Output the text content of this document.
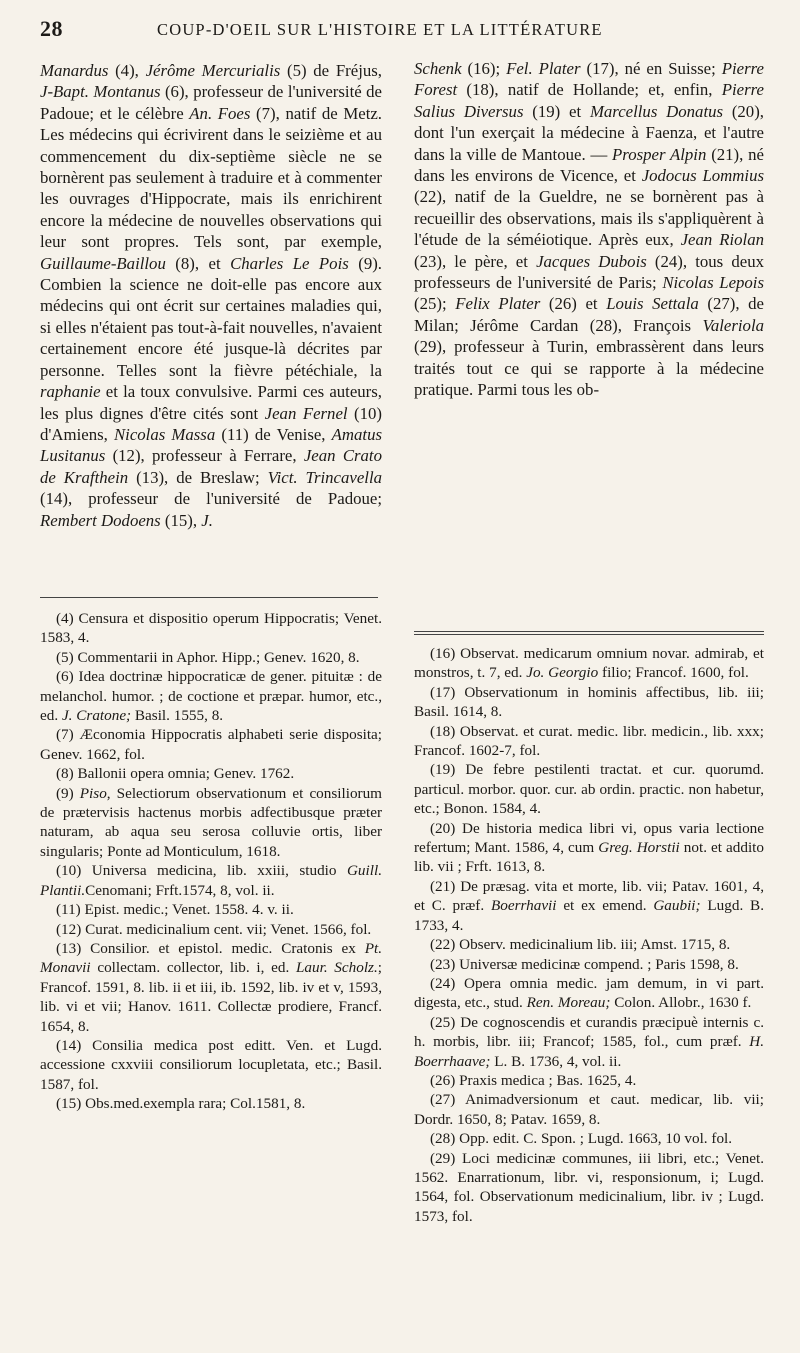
28	COUP-D'OEIL SUR L'HISTOIRE ET LA LITTÉRATURE

Manardus (4), Jérôme Mercurialis (5) de Fréjus, J-Bapt. Montanus (6), professeur de l'université de Padoue; et le célèbre An. Foes (7), natif de Metz. Les médecins qui écrivirent dans le seizième et au commencement du dix-septième siècle ne se bornèrent pas seulement à traduire et à commenter les ouvrages d'Hippocrate, mais ils enrichirent encore la médecine de nouvelles observations qui leur sont propres. Tels sont, par exemple, Guillaume-Baillou (8), et Charles Le Pois (9). Combien la science ne doit-elle pas encore aux médecins qui ont écrit sur certaines maladies qui, si elles n'étaient pas tout-à-fait nouvelles, n'avaient certainement encore été jusque-là décrites par personne. Telles sont la fièvre pétéchiale, la raphanie et la toux convulsive. Parmi ces auteurs, les plus dignes d'être cités sont Jean Fernel (10) d'Amiens, Nicolas Massa (11) de Venise, Amatus Lusitanus (12), professeur à Ferrare, Jean Crato de Krafthein (13), de Breslaw; Vict. Trincavella (14), professeur de l'université de Padoue; Rembert Dodoens (15), J.

Schenk (16); Fel. Plater (17), né en Suisse; Pierre Forest (18), natif de Hollande; et, enfin, Pierre Salius Diversus (19) et Marcellus Donatus (20), dont l'un exerçait la médecine à Faenza, et l'autre dans la ville de Mantoue. — Prosper Alpin (21), né dans les environs de Vicence, et Jodocus Lommius (22), natif de la Gueldre, ne se bornèrent pas à recueillir des observations, mais ils s'appliquèrent à l'étude de la séméiotique. Après eux, Jean Riolan (23), le père, et Jacques Dubois (24), tous deux professeurs de l'université de Paris; Nicolas Lepois (25); Felix Plater (26) et Louis Settala (27), de Milan; Jérôme Cardan (28), François Valeriola (29), professeur à Turin, embrassèrent dans leurs traités tout ce qui se rapporte à la médecine pratique. Parmi tous les ob-

(4) Censura et dispositio operum Hippocratis; Venet. 1583, 4.

(5) Commentarii in Aphor. Hipp.; Genev. 1620, 8.

(6) Idea doctrinæ hippocraticæ de gener. pituitæ : de melanchol. humor. ; de coctione et præpar. humor, etc., ed. J. Cratone; Basil. 1555, 8.

(7) Æconomia Hippocratis alphabeti serie disposita; Genev. 1662, fol.

(8) Ballonii opera omnia; Genev. 1762.

(9) Piso, Selectiorum observationum et consiliorum de prætervisis hactenus morbis adfectibusque præter naturam, ab aqua seu serosa colluvie ortis, liber singularis; Ponte ad Monticulum, 1618.

(10) Universa medicina, lib. xxiii, studio Guill. Plantii.Cenomani; Frft.1574, 8, vol. ii.

(11) Epist. medic.; Venet. 1558. 4. v. ii.

(12) Curat. medicinalium cent. vii; Venet. 1566, fol.

(13) Consilior. et epistol. medic. Cratonis ex Pt. Monavii collectam. collector, lib. i, ed. Laur. Scholz.; Francof. 1591, 8. lib. ii et iii, ib. 1592, lib. iv et v, 1593, lib. vi et vii; Hanov. 1611. Collectæ prodiere, Francf. 1654, 8.

(14) Consilia medica post editt. Ven. et Lugd. accessione cxxviii consiliorum locupletata, etc.; Basil. 1587, fol.

(15) Obs.med.exempla rara; Col.1581, 8.

(16) Observat. medicarum omnium novar. admirab, et monstros, t. 7, ed. Jo. Georgio filio; Francof. 1600, fol.

(17) Observationum in hominis affectibus, lib. iii; Basil. 1614, 8.

(18) Observat. et curat. medic. libr. medicin., lib. xxx; Francof. 1602-7, fol.

(19) De febre pestilenti tractat. et cur. quorumd. particul. morbor. quor. cur. ab ordin. practic. non habetur, etc.; Bonon. 1584, 4.

(20) De historia medica libri vi, opus varia lectione refertum; Mant. 1586, 4, cum Greg. Horstii not. et addito lib. vii ; Frft. 1613, 8.

(21) De præsag. vita et morte, lib. vii; Patav. 1601, 4, et C. præf. Boerrhavii et ex emend. Gaubii; Lugd. B. 1733, 4.

(22) Observ. medicinalium lib. iii; Amst. 1715, 8.

(23) Universæ medicinæ compend. ; Paris 1598, 8.

(24) Opera omnia medic. jam demum, in vi part. digesta, etc., stud. Ren. Moreau; Colon. Allobr., 1630 f.

(25) De cognoscendis et curandis præcipuè internis c. h. morbis, libr. iii; Francof; 1585, fol., cum præf. H. Boerrhaave; L. B. 1736, 4, vol. ii.

(26) Praxis medica ; Bas. 1625, 4.

(27) Animadversionum et caut. medicar, lib. vii; Dordr. 1650, 8; Patav. 1659, 8.

(28) Opp. edit. C. Spon. ; Lugd. 1663, 10 vol. fol.

(29) Loci medicinæ communes, iii libri, etc.; Venet. 1562. Enarrationum, libr. vi, responsionum, i; Lugd. 1564, fol. Observationum medicinalium, libr. iv ; Lugd. 1573, fol.
